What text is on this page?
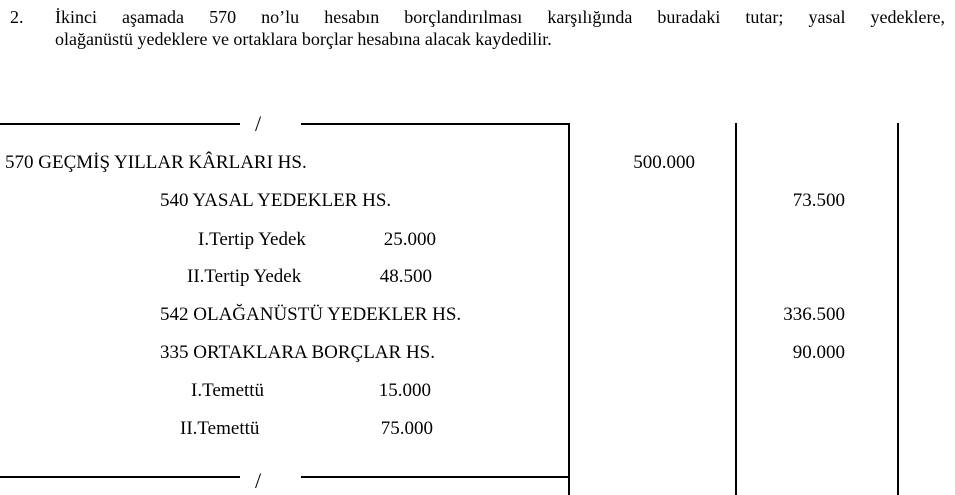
2. İkinci aşamada 570 no’lu hesabın borçlandırılması karşılığında buradaki tutar; yasal yedeklere,
olağanüstü yedeklere ve ortaklara borçlar hesabına alacak kaydedilir.
/
/
570 GEÇMİŞ YILLAR KÂRLARI HS.	500.000
540 YASAL YEDEKLER HS.	73.500
I.Tertip Yedek	25.000
II.Tertip Yedek	48.500
542 OLAĞANÜSTÜ YEDEKLER HS.	336.500
335 ORTAKLARA BORÇLAR HS.	90.000
I.Temettü	15.000
II.Temettü	75.000
